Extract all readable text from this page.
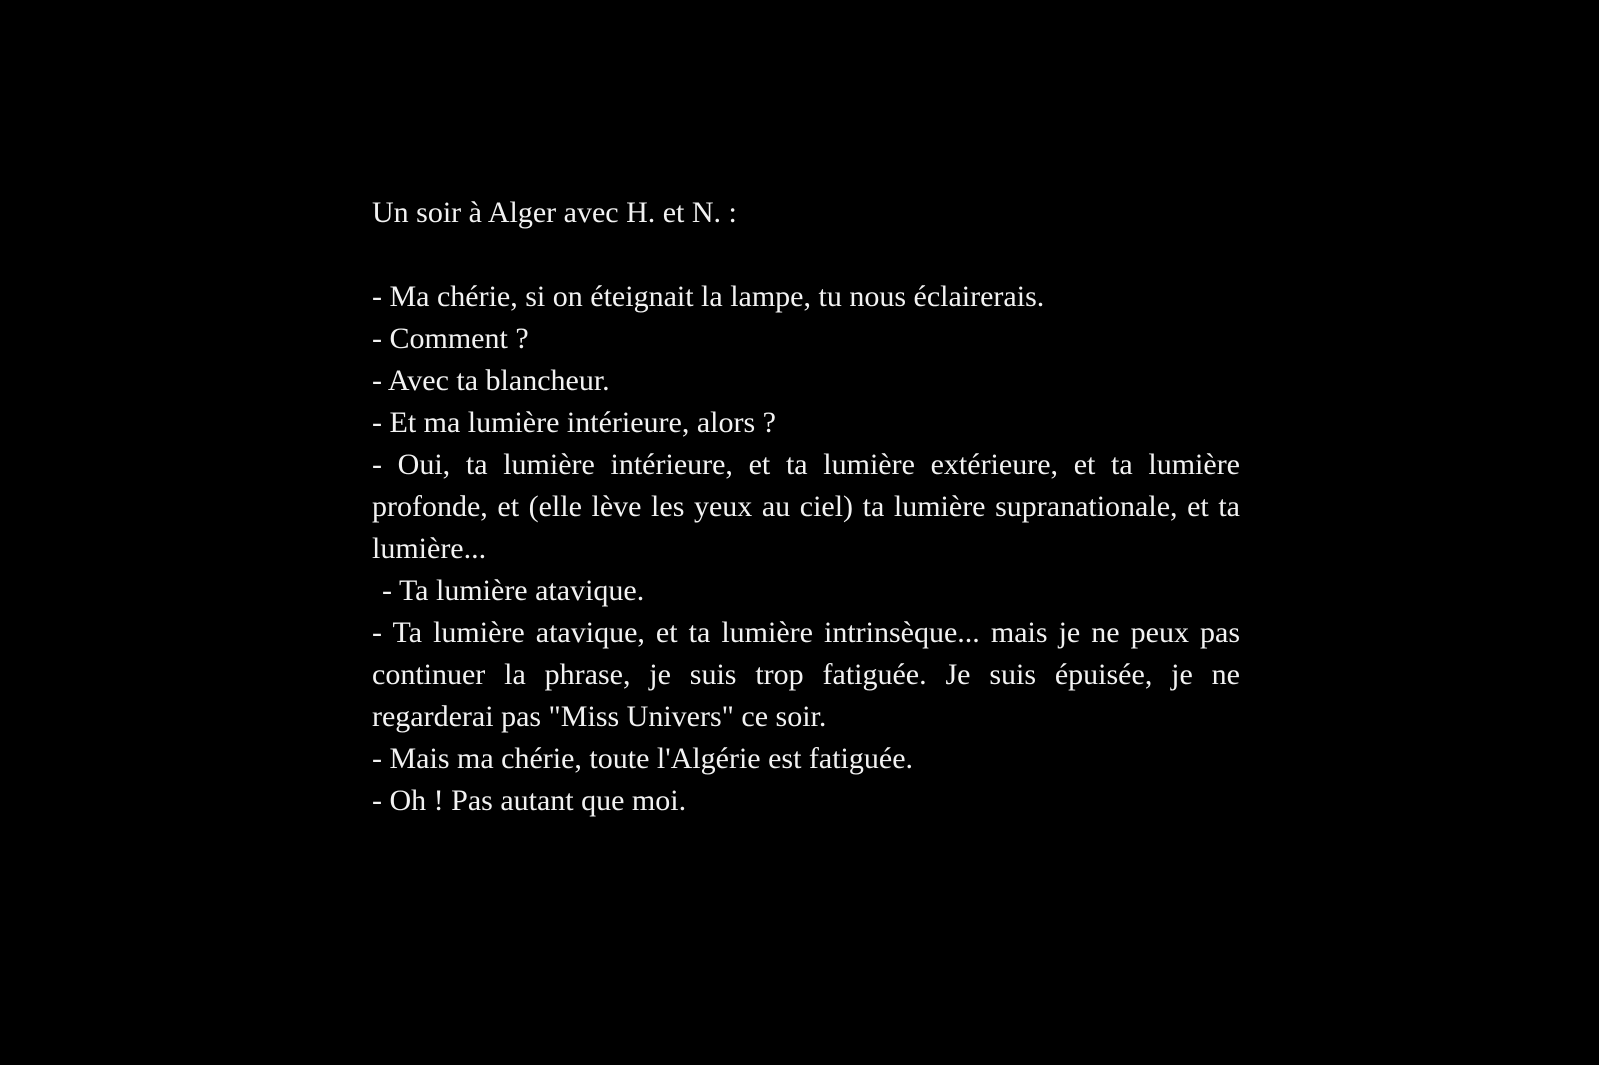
Un soir à Alger avec H. et N. :

- Ma chérie, si on éteignait la lampe, tu nous éclairerais.

- Comment ?

- Avec ta blancheur.

- Et ma lumière intérieure, alors ?

- Oui, ta lumière intérieure, et ta lumière extérieure, et ta lumière profonde, et (elle lève les yeux au ciel) ta lumière supranationale, et ta lumière...

- Ta lumière atavique.

- Ta lumière atavique, et ta lumière intrinsèque... mais je ne peux pas continuer la phrase, je suis trop fatiguée. Je suis épuisée, je ne regarderai pas "Miss Univers" ce soir.

- Mais ma chérie, toute l'Algérie est fatiguée.

- Oh ! Pas autant que moi.
